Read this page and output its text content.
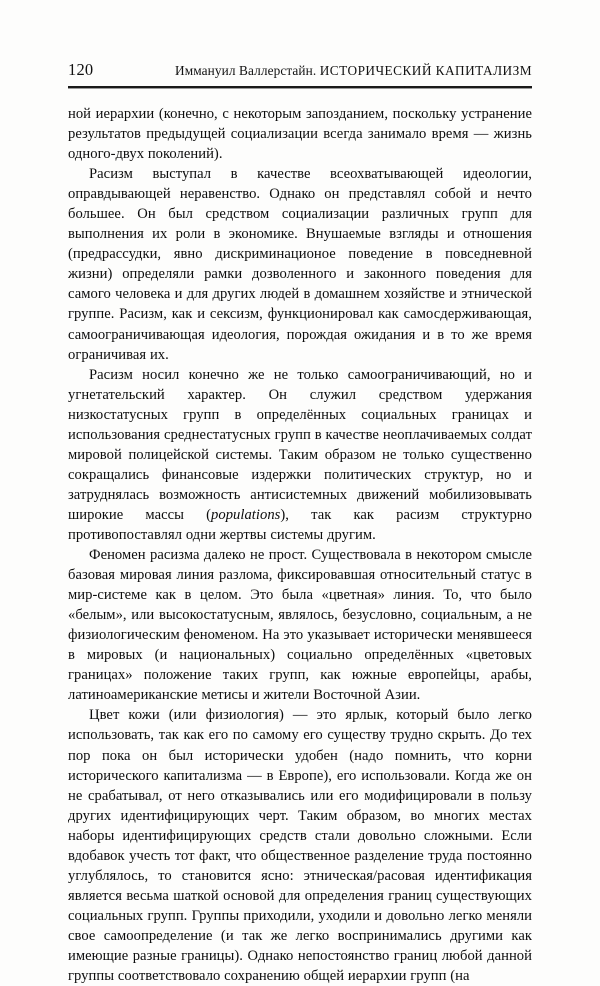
120	Иммануил Валлерстайн. ИСТОРИЧЕСКИЙ КАПИТАЛИЗМ

ной иерархии (конечно, с некоторым запозданием, поскольку устранение результатов предыдущей социализации всегда занимало время — жизнь одного-двух поколений).

Расизм выступал в качестве всеохватывающей идеологии, оправдывающей неравенство. Однако он представлял собой и нечто большее. Он был средством социализации различных групп для выполнения их роли в экономике. Внушаемые взгляды и отношения (предрассудки, явно дискриминационое поведение в повседневной жизни) определяли рамки дозволенного и законного поведения для самого человека и для других людей в домашнем хозяйстве и этнической группе. Расизм, как и сексизм, функционировал как самосдерживающая, самоограничивающая идеология, порождая ожидания и в то же время ограничивая их.

Расизм носил конечно же не только самоограничивающий, но и угнетательский характер. Он служил средством удержания низкостатусных групп в определённых социальных границах и использования среднестатусных групп в качестве неоплачиваемых солдат мировой полицейской системы. Таким образом не только существенно сокращались финансовые издержки политических структур, но и затруднялась возможность антисистемных движений мобилизовывать широкие массы (populations), так как расизм структурно противопоставлял одни жертвы системы другим.

Феномен расизма далеко не прост. Существовала в некотором смысле базовая мировая линия разлома, фиксировавшая относительный статус в мир-системе как в целом. Это была «цветная» линия. То, что было «белым», или высокостатусным, являлось, безусловно, социальным, а не физиологическим феноменом. На это указывает исторически менявшееся в мировых (и национальных) социально определённых «цветовых границах» положение таких групп, как южные европейцы, арабы, латиноамериканские метисы и жители Восточной Азии.

Цвет кожи (или физиология) — это ярлык, который было легко использовать, так как его по самому его существу трудно скрыть. До тех пор пока он был исторически удобен (надо помнить, что корни исторического капитализма — в Европе), его использовали. Когда же он не срабатывал, от него отказывались или его модифицировали в пользу других идентифицирующих черт. Таким образом, во многих местах наборы идентифицирующих средств стали довольно сложными. Если вдобавок учесть тот факт, что общественное разделение труда постоянно углублялось, то становится ясно: этническая/расовая идентификация является весьма шаткой основой для определения границ существующих социальных групп. Группы приходили, уходили и довольно легко меняли свое самоопределение (и так же легко воспринимались другими как имеющие разные границы). Однако непостоянство границ любой данной группы соответствовало сохранению общей иерархии групп (на
